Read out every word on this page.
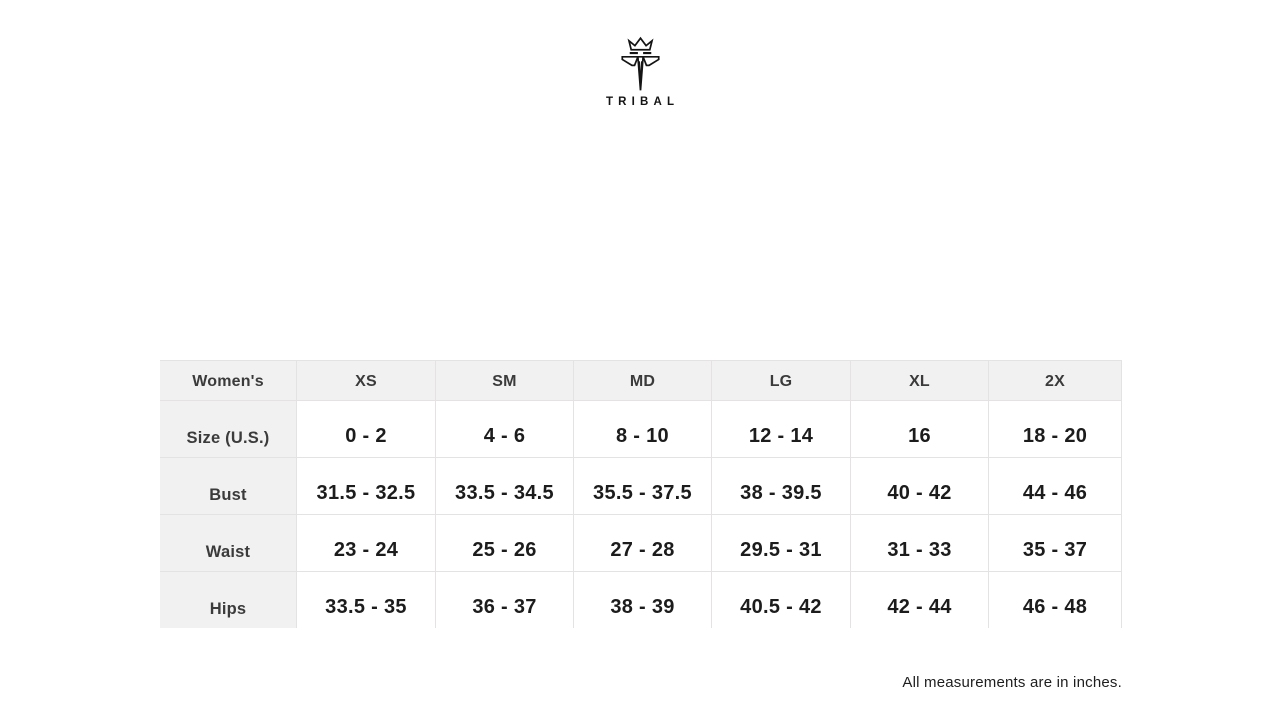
TRIBAL
Women's	XS	SM	MD	LG	XL	2X
Size (U.S.)	0 - 2	4 - 6	8 - 10	12 - 14	16	18 - 20
Bust	31.5 - 32.5	33.5 - 34.5	35.5 - 37.5	38 - 39.5	40 - 42	44 - 46
Waist	23 - 24	25 - 26	27 - 28	29.5 - 31	31 - 33	35 - 37
Hips	33.5 - 35	36 - 37	38 - 39	40.5 - 42	42 - 44	46 - 48
All measurements are in inches.
